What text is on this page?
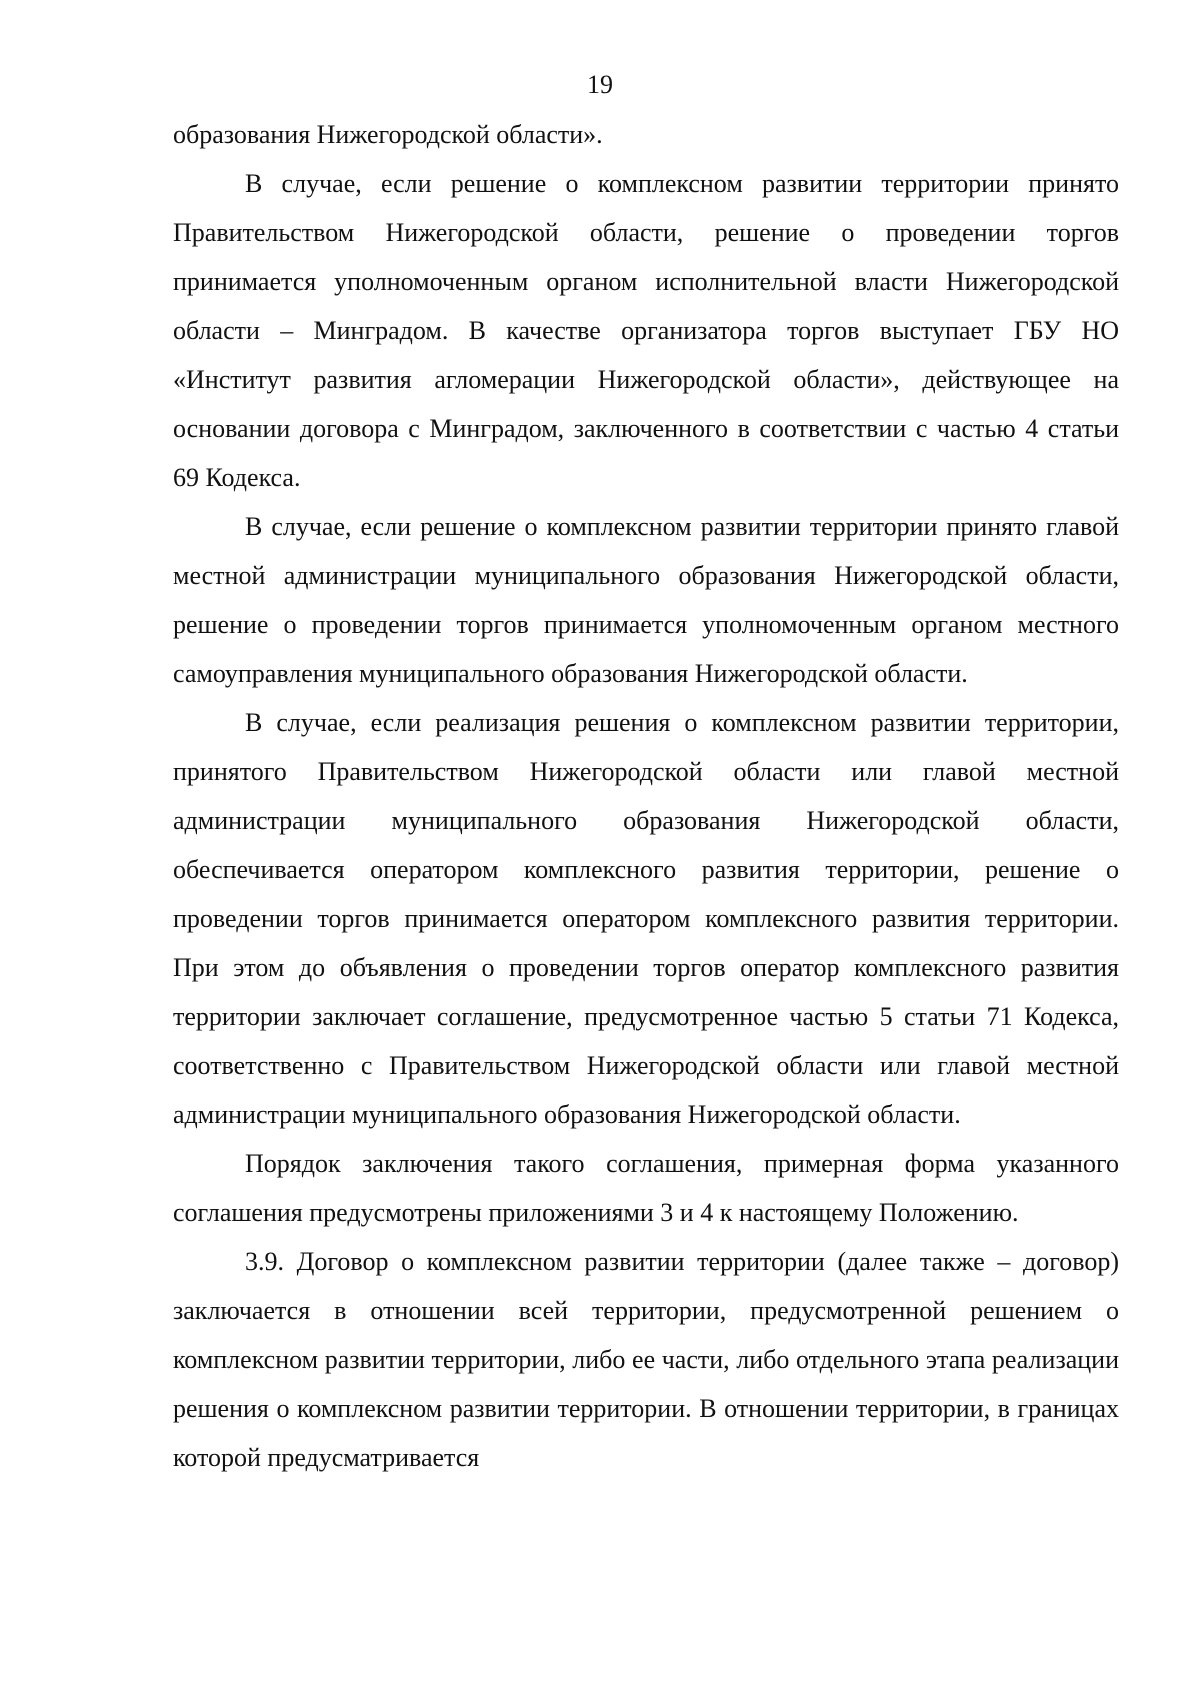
19

образования Нижегородской области».

В случае, если решение о комплексном развитии территории принято Правительством Нижегородской области, решение о проведении торгов принимается уполномоченным органом исполнительной власти Нижегородской области – Минградом. В качестве организатора торгов выступает ГБУ НО «Институт развития агломерации Нижегородской области», действующее на основании договора с Минградом, заключенного в соответствии с частью 4 статьи 69 Кодекса.

В случае, если решение о комплексном развитии территории принято главой местной администрации муниципального образования Нижегородской области, решение о проведении торгов принимается уполномоченным органом местного самоуправления муниципального образования Нижегородской области.

В случае, если реализация решения о комплексном развитии территории, принятого Правительством Нижегородской области или главой местной администрации муниципального образования Нижегородской области, обеспечивается оператором комплексного развития территории, решение о проведении торгов принимается оператором комплексного развития территории. При этом до объявления о проведении торгов оператор комплексного развития территории заключает соглашение, предусмотренное частью 5 статьи 71 Кодекса, соответственно с Правительством Нижегородской области или главой местной администрации муниципального образования Нижегородской области.

Порядок заключения такого соглашения, примерная форма указанного соглашения предусмотрены приложениями 3 и 4 к настоящему Положению.

3.9. Договор о комплексном развитии территории (далее также – договор) заключается в отношении всей территории, предусмотренной решением о комплексном развитии территории, либо ее части, либо отдельного этапа реализации решения о комплексном развитии территории. В отношении территории, в границах которой предусматривается
